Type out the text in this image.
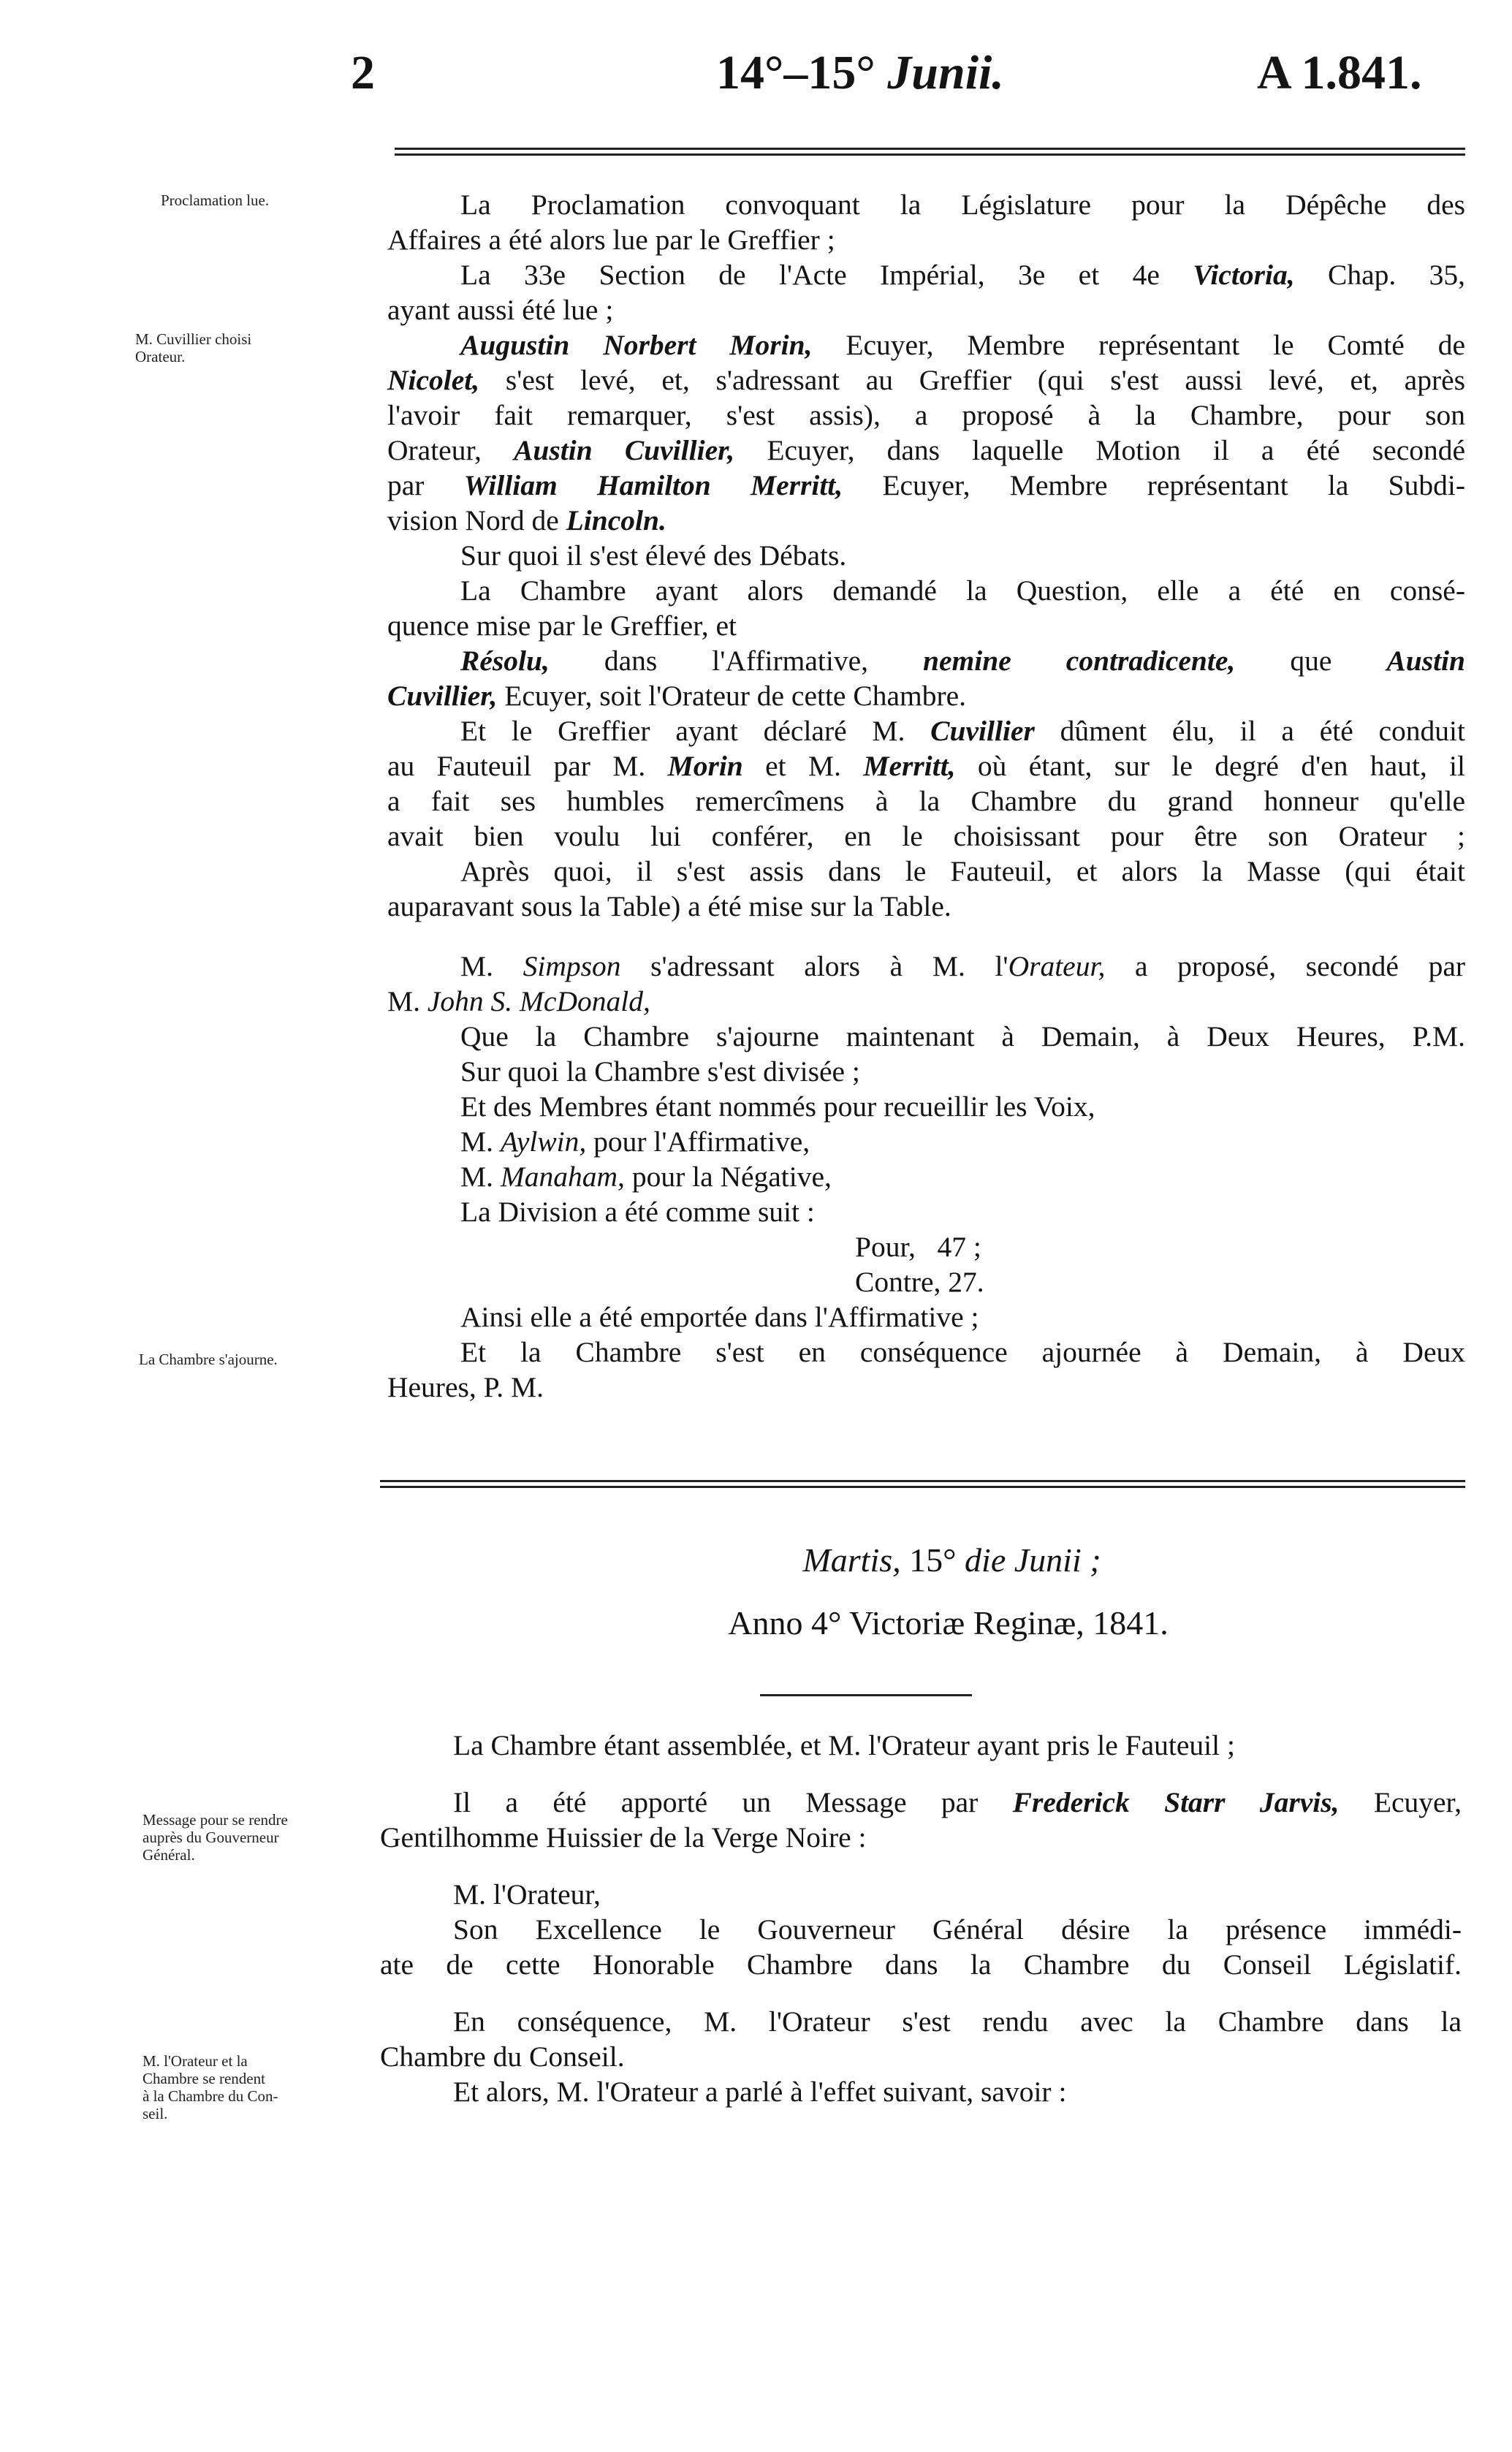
2	14°–15° Junii.	A 1.841.
Proclamation lue.
M. Cuvillier choisi
Orateur.
La Chambre s'ajourne.
Message pour se rendre
auprès du Gouverneur
Général.
M. l'Orateur et la
Chambre se rendent
à la Chambre du Con-
seil.
La Proclamation convoquant la Législature pour la Dépêche des
Affaires a été alors lue par le Greffier ;
La 33e Section de l'Acte Impérial, 3e et 4e Victoria, Chap. 35,
ayant aussi été lue ;
Augustin Norbert Morin, Ecuyer, Membre représentant le Comté de
Nicolet, s'est levé, et, s'adressant au Greffier (qui s'est aussi levé, et, après
l'avoir fait remarquer, s'est assis), a proposé à la Chambre, pour son
Orateur, Austin Cuvillier, Ecuyer, dans laquelle Motion il a été secondé
par William Hamilton Merritt, Ecuyer, Membre représentant la Subdi-
vision Nord de Lincoln.
Sur quoi il s'est élevé des Débats.
La Chambre ayant alors demandé la Question, elle a été en consé-
quence mise par le Greffier, et
Résolu, dans l'Affirmative, nemine contradicente, que Austin
Cuvillier, Ecuyer, soit l'Orateur de cette Chambre.
Et le Greffier ayant déclaré M. Cuvillier dûment élu, il a été conduit
au Fauteuil par M. Morin et M. Merritt, où étant, sur le degré d'en haut, il
a fait ses humbles remercîmens à la Chambre du grand honneur qu'elle
avait bien voulu lui conférer, en le choisissant pour être son Orateur ;
Après quoi, il s'est assis dans le Fauteuil, et alors la Masse (qui était
auparavant sous la Table) a été mise sur la Table.
M. Simpson s'adressant alors à M. l'Orateur, a proposé, secondé par
M. John S. McDonald,
Que la Chambre s'ajourne maintenant à Demain, à Deux Heures, P.M.
Sur quoi la Chambre s'est divisée ;
Et des Membres étant nommés pour recueillir les Voix,
M. Aylwin, pour l'Affirmative,
M. Manaham, pour la Négative,
La Division a été comme suit :
Pour,   47 ;
Contre, 27.
Ainsi elle a été emportée dans l'Affirmative ;
Et la Chambre s'est en conséquence ajournée à Demain, à Deux
Heures, P. M.
Martis, 15° die Junii ;
Anno 4° Victoriæ Reginæ, 1841.
La Chambre étant assemblée, et M. l'Orateur ayant pris le Fauteuil ;
Il a été apporté un Message par Frederick Starr Jarvis, Ecuyer,
Gentilhomme Huissier de la Verge Noire :
M. l'Orateur,
Son Excellence le Gouverneur Général désire la présence immédi-
ate de cette Honorable Chambre dans la Chambre du Conseil Législatif.
En conséquence, M. l'Orateur s'est rendu avec la Chambre dans la
Chambre du Conseil.
Et alors, M. l'Orateur a parlé à l'effet suivant, savoir :
